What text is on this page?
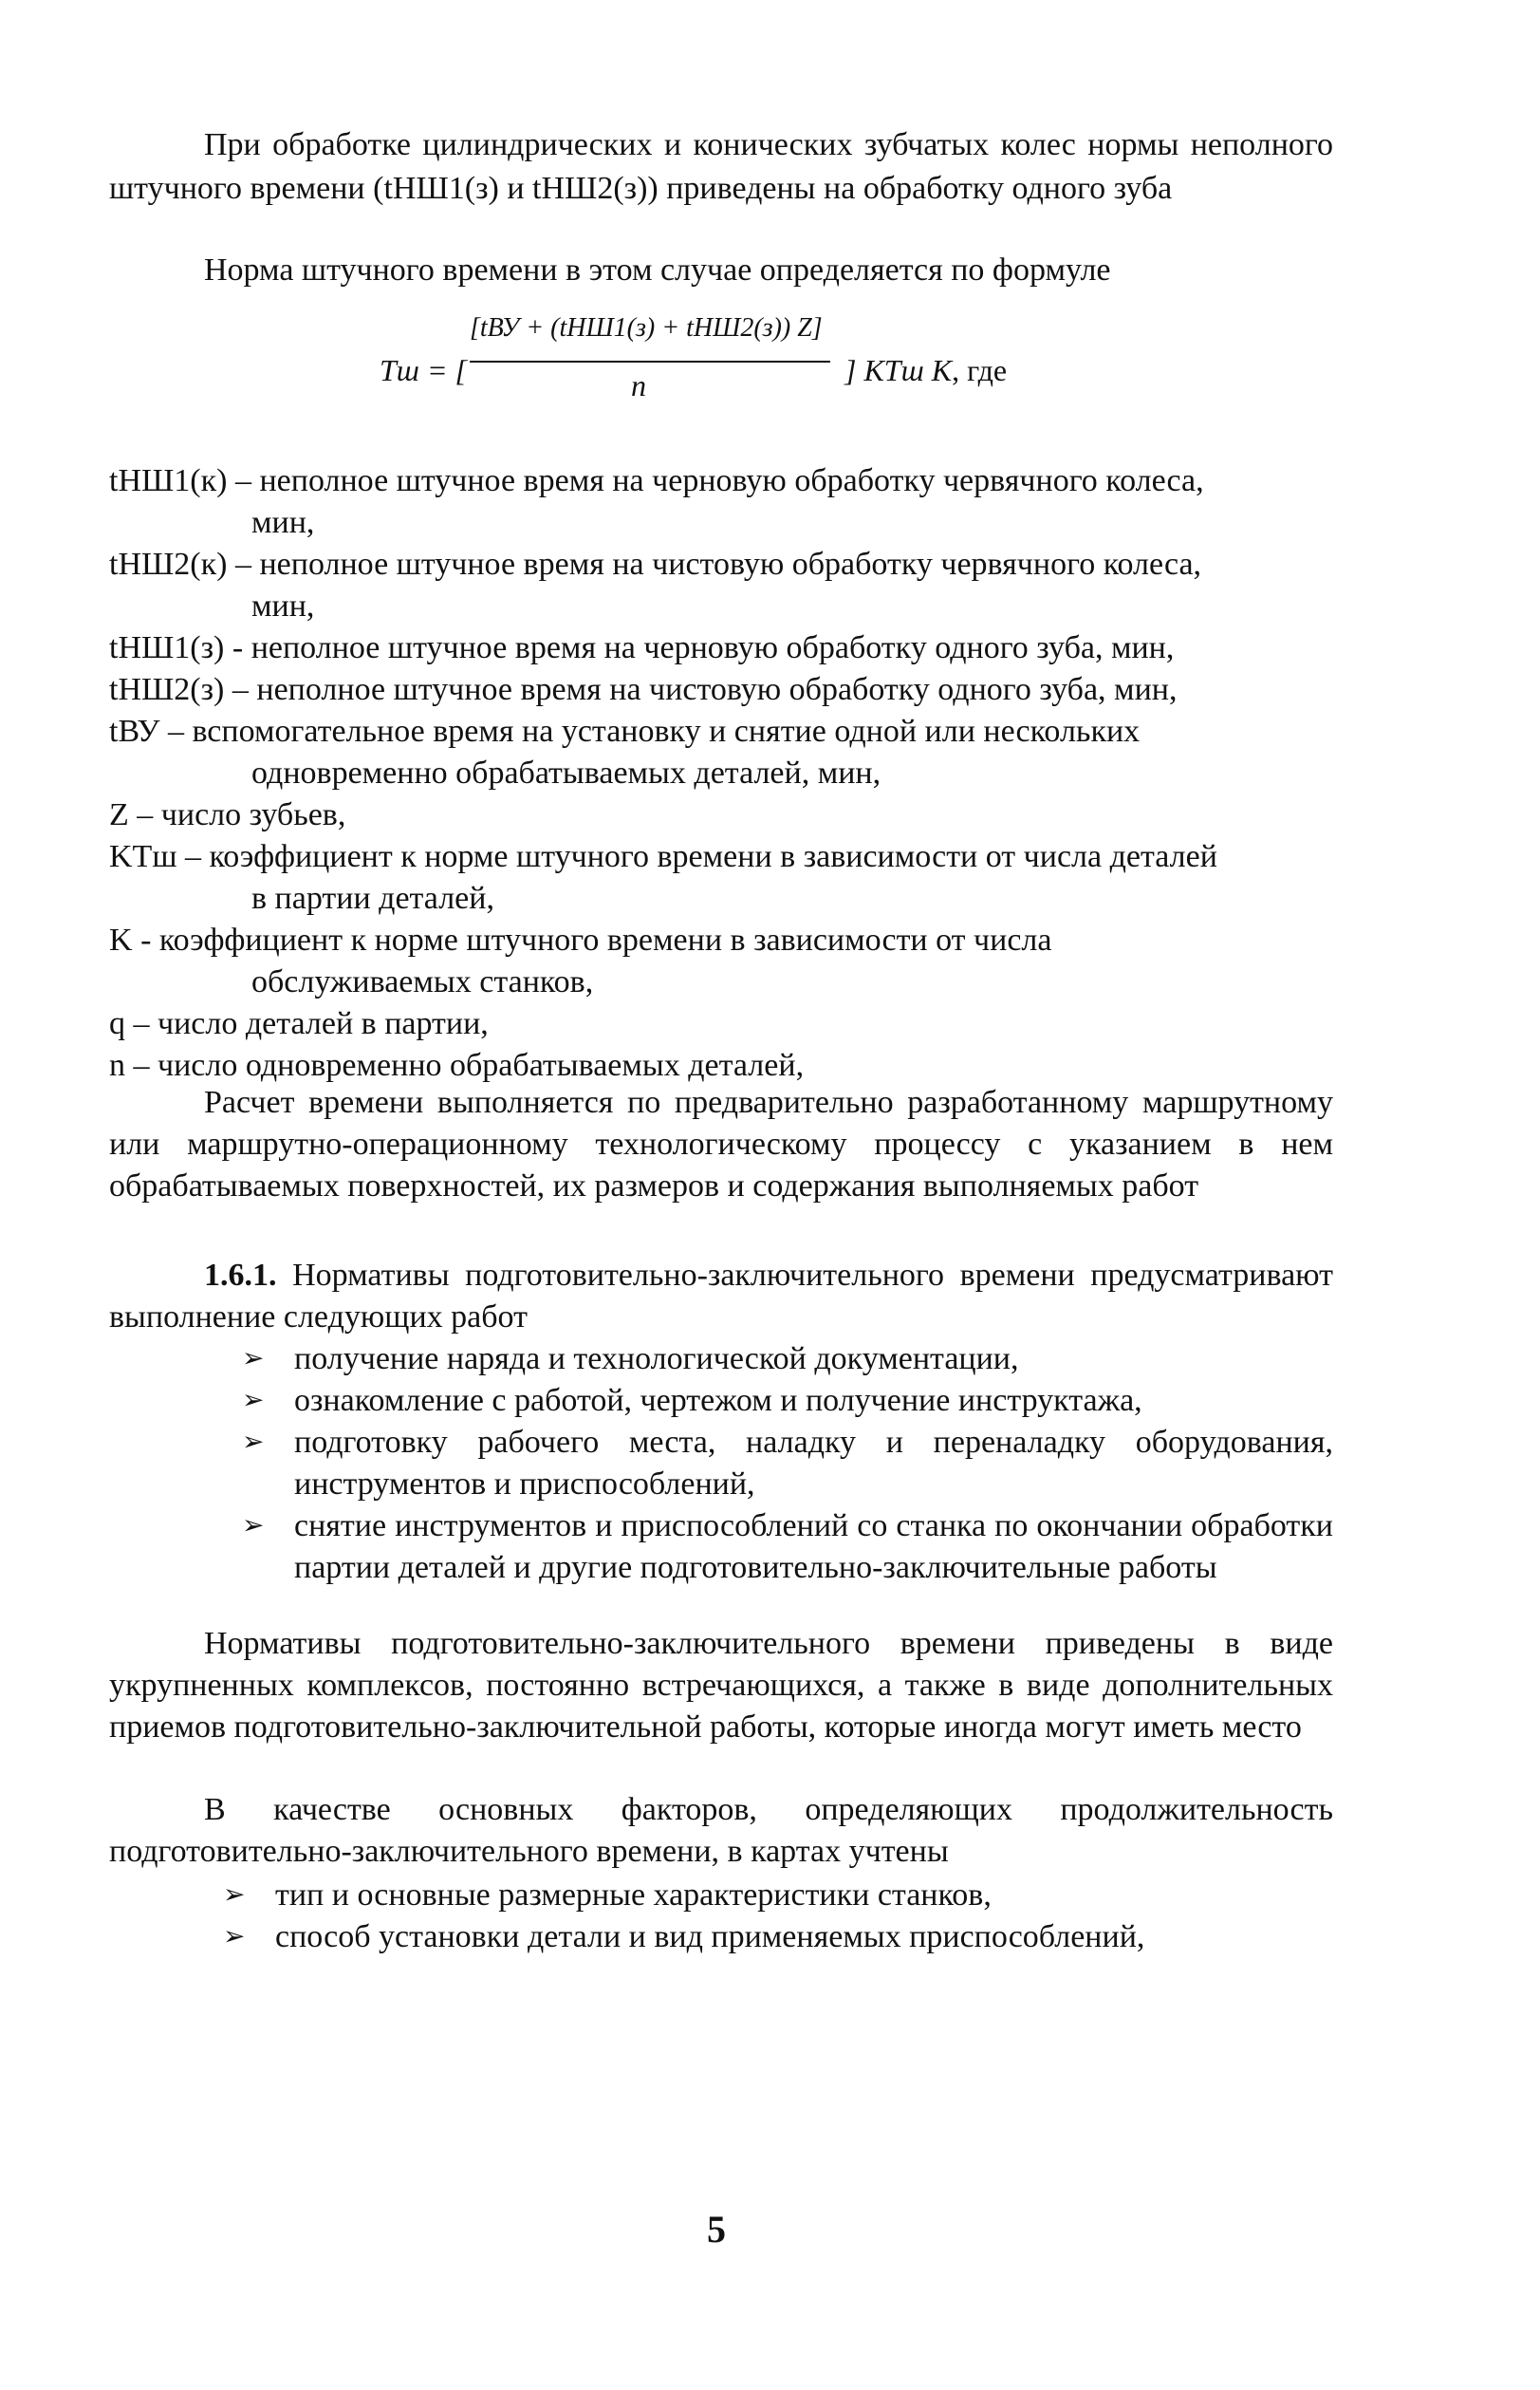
При обработке цилиндрических и конических зубчатых колес нормы неполного штучного времени (tНШ1(з) и tНШ2(з)) приведены на обработку одного зуба
Норма штучного времени в этом случае определяется по формуле
Tш = [
[tВУ + (tНШ1(з) + tНШ2(з)) Z]
n	] KTш K, где
tНШ1(к) – неполное штучное время на черновую обработку червячного колеса,
мин,
tНШ2(к) – неполное штучное время на чистовую обработку червячного колеса,
мин,
tНШ1(з) - неполное штучное время на черновую обработку одного зуба, мин,
tНШ2(з) – неполное штучное время на чистовую обработку одного зуба, мин,
tВУ – вспомогательное время на установку и снятие одной или нескольких
одновременно обрабатываемых деталей, мин,
Z – число зубьев,
KTш – коэффициент к норме штучного времени в зависимости от числа деталей
в партии деталей,
K - коэффициент к норме штучного времени в зависимости от числа
обслуживаемых станков,
q – число деталей в партии,
n – число одновременно обрабатываемых деталей,
Расчет времени выполняется по предварительно разработанному маршрутному или маршрутно-операционному технологическому процессу с указанием в нем обрабатываемых поверхностей, их размеров и содержания выполняемых работ
1.6.1. Нормативы подготовительно-заключительного времени предусматривают выполнение следующих работ
➢ получение наряда и технологической документации,
➢ ознакомление с работой, чертежом и получение инструктажа,
➢ подготовку рабочего места, наладку и переналадку оборудования, инструментов и приспособлений,
➢ снятие инструментов и приспособлений со станка по окончании обработки партии деталей и другие подготовительно-заключительные работы
Нормативы подготовительно-заключительного времени приведены в виде укрупненных комплексов, постоянно встречающихся, а также в виде дополнительных приемов подготовительно-заключительной работы, которые иногда могут иметь место
В качестве основных факторов, определяющих продолжительность подготовительно-заключительного времени, в картах учтены
➢ тип и основные размерные характеристики станков,
➢ способ установки детали и вид применяемых приспособлений,
5
